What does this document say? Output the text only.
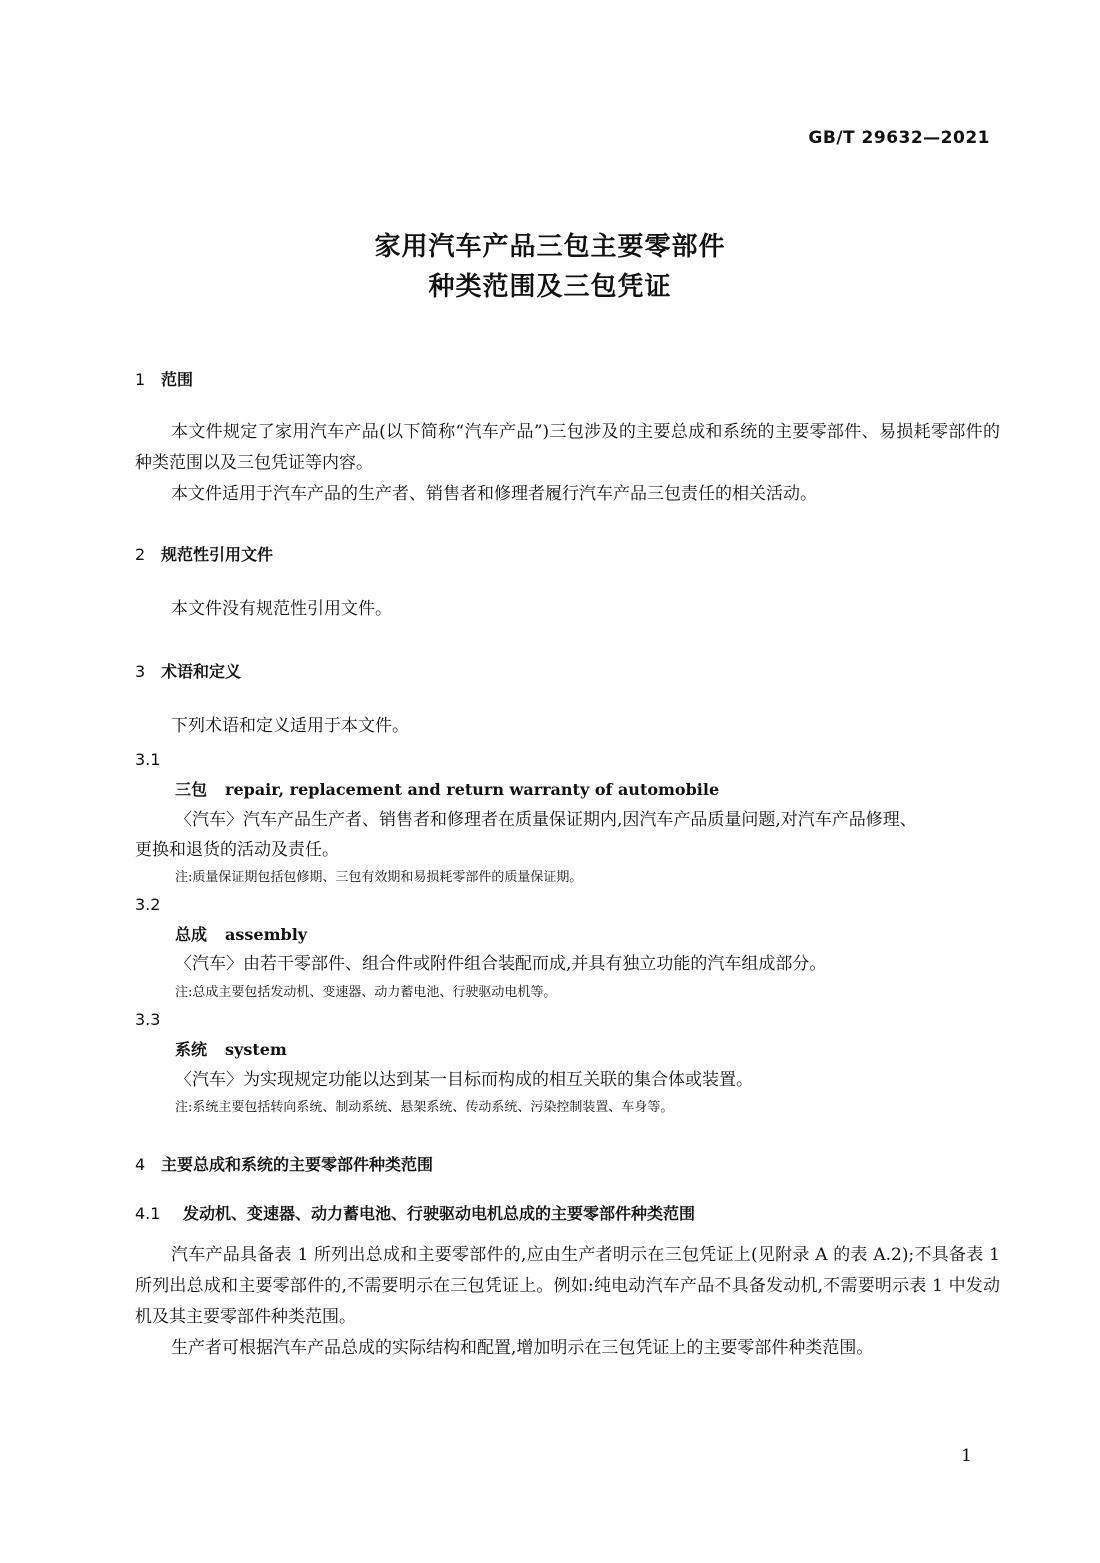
GB/T 29632—2021
家用汽车产品三包主要零部件
种类范围及三包凭证
1 范围
本文件规定了家用汽车产品(以下简称“汽车产品”)三包涉及的主要总成和系统的主要零部件、易损耗零部件的种类范围以及三包凭证等内容。
本文件适用于汽车产品的生产者、销售者和修理者履行汽车产品三包责任的相关活动。
2 规范性引用文件
本文件没有规范性引用文件。
3 术语和定义
下列术语和定义适用于本文件。
3.1
三包 repair, replacement and return warranty of automobile
〈汽车〉汽车产品生产者、销售者和修理者在质量保证期内,因汽车产品质量问题,对汽车产品修理、
更换和退货的活动及责任。
注:质量保证期包括包修期、三包有效期和易损耗零部件的质量保证期。
3.2
总成 assembly
〈汽车〉由若干零部件、组合件或附件组合装配而成,并具有独立功能的汽车组成部分。
注:总成主要包括发动机、变速器、动力蓄电池、行驶驱动电机等。
3.3
系统 system
〈汽车〉为实现规定功能以达到某一目标而构成的相互关联的集合体或装置。
注:系统主要包括转向系统、制动系统、悬架系统、传动系统、污染控制装置、车身等。
4 主要总成和系统的主要零部件种类范围
4.1 发动机、变速器、动力蓄电池、行驶驱动电机总成的主要零部件种类范围
汽车产品具备表 1 所列出总成和主要零部件的,应由生产者明示在三包凭证上(见附录 A 的表 A.2);不具备表 1 所列出总成和主要零部件的,不需要明示在三包凭证上。例如:纯电动汽车产品不具备发动机,不需要明示表 1 中发动机及其主要零部件种类范围。
生产者可根据汽车产品总成的实际结构和配置,增加明示在三包凭证上的主要零部件种类范围。
1
